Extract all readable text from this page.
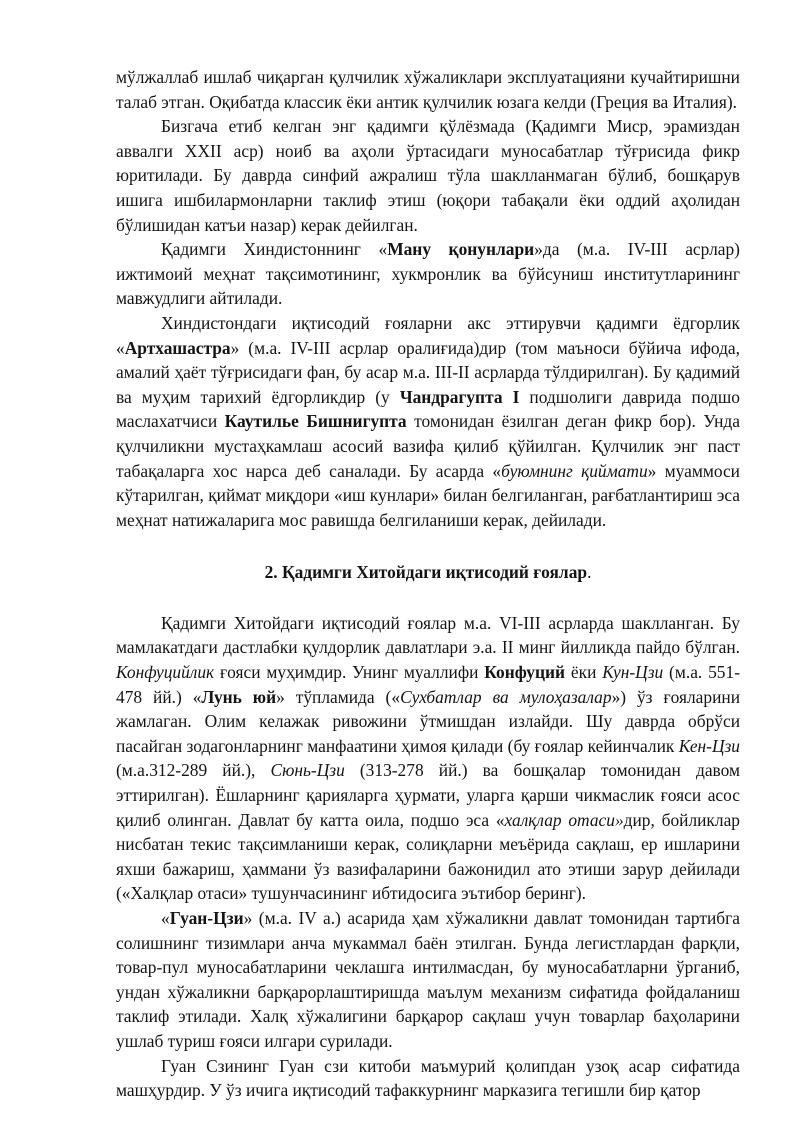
мўлжаллаб ишлаб чиқарган қулчилик хўжаликлари эксплуатацияни кучайтиришни талаб этган. Оқибатда классик ёки антик қулчилик юзага келди (Греция ва Италия).

Бизгача етиб келган энг қадимги қўлёзмада (Қадимги Миср, эрамиздан аввалги XXII аср) ноиб ва аҳоли ўртасидаги муносабатлар тўғрисида фикр юритилади. Бу даврда синфий ажралиш тўла шаклланмаган бўлиб, бошқарув ишига ишбилармонларни таклиф этиш (юқори табақали ёки оддий аҳолидан бўлишидан катъи назар) керак дейилган.

Қадимги Хиндистоннинг «Ману қонунлари»да (м.а. IV-III асрлар) ижтимоий меҳнат тақсимотининг, хукмронлик ва бўйсуниш институтларининг мавжудлиги айтилади.

Хиндистондаги иқтисодий ғояларни акс эттирувчи қадимги ёдгорлик «Артхашастра» (м.а. IV-III асрлар оралиғида)дир (том маъноси бўйича ифода, амалий ҳаёт тўғрисидаги фан, бу асар м.а. III-II асрларда тўлдирилган). Бу қадимий ва муҳим тарихий ёдгорликдир (у Чандрагупта I подшолиги даврида подшо маслахатчиси Каутилье Бишнигупта томонидан ёзилган деган фикр бор). Унда қулчиликни мустаҳкамлаш асосий вазифа қилиб қўйилган. Қулчилик энг паст табақаларга хос нарса деб саналади. Бу асарда «буюмнинг қиймати» муаммоси кўтарилган, қиймат миқдори «иш кунлари» билан белгиланган, рағбатлантириш эса меҳнат натижаларига мос равишда белгиланиши керак, дейилади.

2. Қадимги Хитойдаги иқтисодий ғоялар.

Қадимги Хитойдаги иқтисодий ғоялар м.а. VI-III асрларда шаклланган. Бу мамлакатдаги дастлабки қулдорлик давлатлари э.а. II минг йилликда пайдо бўлган. Конфуцийлик ғояси муҳимдир. Унинг муаллифи Конфуций ёки Кун-Цзи (м.а. 551-478 йй.) «Лунь юй» тўпламида («Сухбатлар ва мулоҳазалар») ўз ғояларини жамлаган. Олим келажак ривожини ўтмишдан излайди. Шу даврда обрўси пасайган зодагонларнинг манфаатини ҳимоя қилади (бу ғоялар кейинчалик Кен-Цзи (м.а.312-289 йй.), Сюнь-Цзи (313-278 йй.) ва бошқалар томонидан давом эттирилган). Ёшларнинг қарияларга ҳурмати, уларга қарши чикмаслик ғояси асос қилиб олинган. Давлат бу катта оила, подшо эса «халқлар отаси»дир, бойликлар нисбатан текис тақсимланиши керак, солиқларни меъёрида сақлаш, ер ишларини яхши бажариш, ҳаммани ўз вазифаларини бажонидил ато этиши зарур дейилади («Халқлар отаси» тушунчасининг ибтидосига эътибор беринг).

«Гуан-Цзи» (м.а. IV а.) асарида ҳам хўжаликни давлат томонидан тартибга солишнинг тизимлари анча мукаммал баён этилган. Бунда легистлардан фарқли, товар-пул муносабатларини чеклашга интилмасдан, бу муносабатларни ўрганиб, ундан хўжаликни барқарорлаштиришда маълум механизм сифатида фойдаланиш таклиф этилади. Халқ хўжалигини барқарор сақлаш учун товарлар баҳоларини ушлаб туриш ғояси илгари сурилади.

Гуан Сзининг Гуан сзи китоби маъмурий қолипдан узоқ асар сифатида машҳурдир. У ўз ичига иқтисодий тафаккурнинг марказига тегишли бир қатор
